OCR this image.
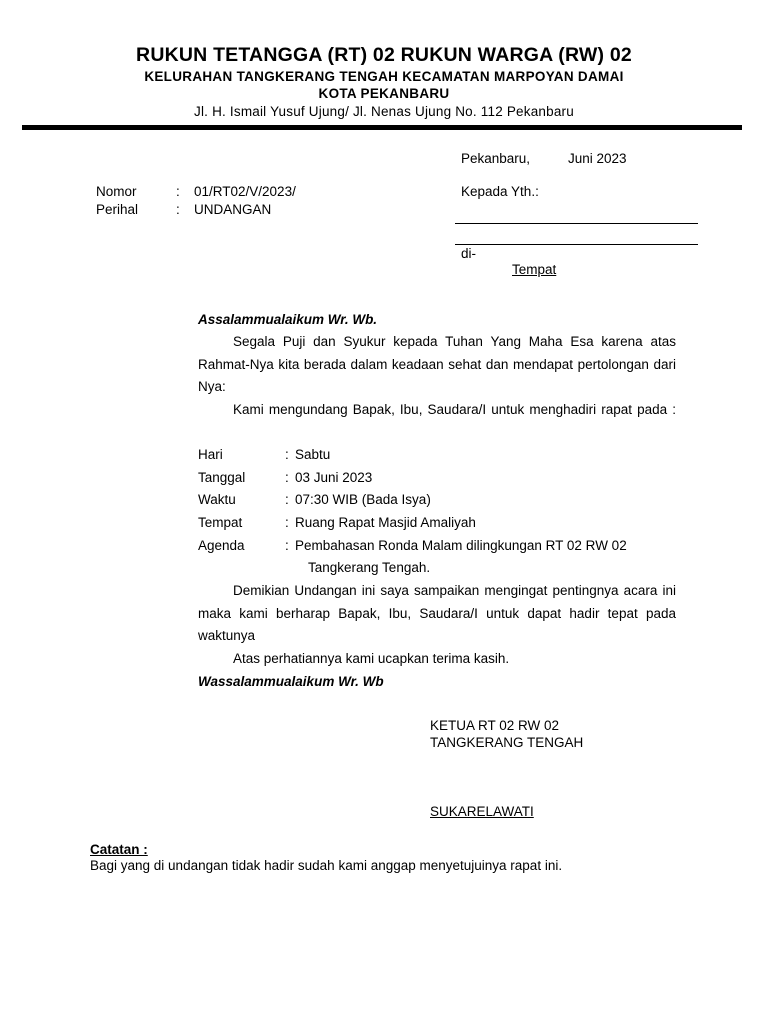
RUKUN TETANGGA (RT) 02 RUKUN WARGA (RW) 02
KELURAHAN TANGKERANG TENGAH KECAMATAN MARPOYAN DAMAI
KOTA PEKANBARU
Jl. H. Ismail Yusuf Ujung/ Jl. Nenas Ujung No. 112 Pekanbaru
Pekanbaru,	Juni 2023
Nomor	: 01/RT02/V/2023/
Perihal	: UNDANGAN
Kepada Yth.:
di-
Tempat
Assalammualaikum Wr. Wb.
Segala Puji dan Syukur kepada Tuhan Yang Maha Esa karena atas Rahmat-Nya kita berada dalam keadaan sehat dan mendapat pertolongan dari Nya:
Kami mengundang Bapak, Ibu, Saudara/I untuk menghadiri rapat pada :
Hari	: Sabtu
Tanggal	: 03 Juni 2023
Waktu	: 07:30 WIB (Bada Isya)
Tempat	: Ruang Rapat Masjid Amaliyah
Agenda	: Pembahasan Ronda Malam dilingkungan RT 02 RW 02
Tangkerang Tengah.
Demikian Undangan ini saya sampaikan mengingat pentingnya acara ini maka kami berharap Bapak, Ibu, Saudara/I untuk dapat hadir tepat pada waktunya
Atas perhatiannya kami ucapkan terima kasih.
Wassalammualaikum Wr. Wb
KETUA RT 02 RW 02
TANGKERANG TENGAH
SUKARELAWATI
Catatan :
Bagi yang di undangan tidak hadir sudah kami anggap menyetujuinya rapat ini.
